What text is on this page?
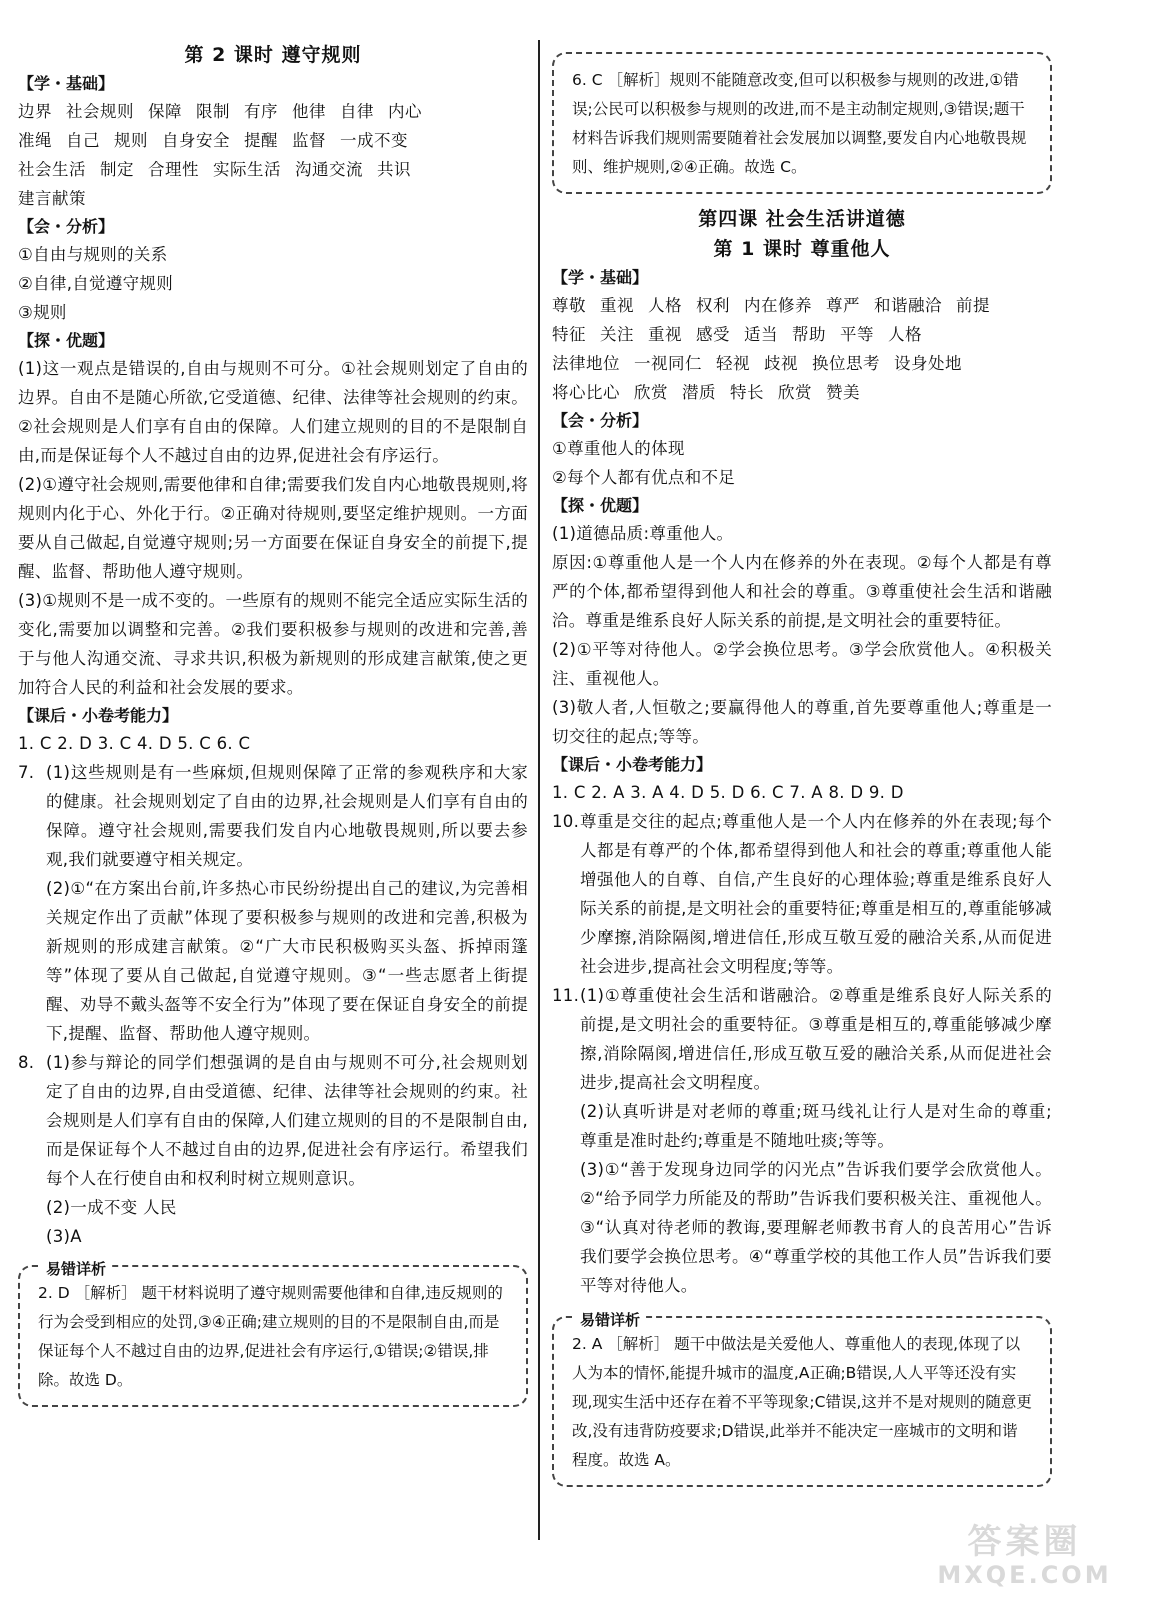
第 2 课时 遵守规则
【学・基础】
边界 社会规则 保障 限制 有序 他律 自律 内心
准绳 自己 规则 自身安全 提醒 监督 一成不变
社会生活 制定 合理性 实际生活 沟通交流 共识
建言献策
【会・分析】
①自由与规则的关系
②自律,自觉遵守规则
③规则
【探・优题】
(1)这一观点是错误的,自由与规则不可分。①社会规则划定了自由的边界。自由不是随心所欲,它受道德、纪律、法律等社会规则的约束。②社会规则是人们享有自由的保障。人们建立规则的目的不是限制自由,而是保证每个人不越过自由的边界,促进社会有序运行。
(2)①遵守社会规则,需要他律和自律;需要我们发自内心地敬畏规则,将规则内化于心、外化于行。②正确对待规则,要坚定维护规则。一方面要从自己做起,自觉遵守规则;另一方面要在保证自身安全的前提下,提醒、监督、帮助他人遵守规则。
(3)①规则不是一成不变的。一些原有的规则不能完全适应实际生活的变化,需要加以调整和完善。②我们要积极参与规则的改进和完善,善于与他人沟通交流、寻求共识,积极为新规则的形成建言献策,使之更加符合人民的利益和社会发展的要求。
【课后・小卷考能力】
1. C 2. D 3. C 4. D 5. C 6. C
7. (1)这些规则是有一些麻烦,但规则保障了正常的参观秩序和大家的健康。社会规则划定了自由的边界,社会规则是人们享有自由的保障。遵守社会规则,需要我们发自内心地敬畏规则,所以要去参观,我们就要遵守相关规定。
(2)①“在方案出台前,许多热心市民纷纷提出自己的建议,为完善相关规定作出了贡献”体现了要积极参与规则的改进和完善,积极为新规则的形成建言献策。②“广大市民积极购买头盔、拆掉雨篷等”体现了要从自己做起,自觉遵守规则。③“一些志愿者上街提醒、劝导不戴头盔等不安全行为”体现了要在保证自身安全的前提下,提醒、监督、帮助他人遵守规则。
8. (1)参与辩论的同学们想强调的是自由与规则不可分,社会规则划定了自由的边界,自由受道德、纪律、法律等社会规则的约束。社会规则是人们享有自由的保障,人们建立规则的目的不是限制自由,而是保证每个人不越过自由的边界,促进社会有序运行。希望我们每个人在行使自由和权利时树立规则意识。
(2)一成不变 人民
(3)A
易错详析
2. D ［解析］ 题干材料说明了遵守规则需要他律和自律,违反规则的行为会受到相应的处罚,③④正确;建立规则的目的不是限制自由,而是保证每个人不越过自由的边界,促进社会有序运行,①错误;②错误,排除。故选 D。
6. C ［解析］规则不能随意改变,但可以积极参与规则的改进,①错误;公民可以积极参与规则的改进,而不是主动制定规则,③错误;题干材料告诉我们规则需要随着社会发展加以调整,要发自内心地敬畏规则、维护规则,②④正确。故选 C。
第四课 社会生活讲道德
第 1 课时 尊重他人
【学・基础】
尊敬 重视 人格 权利 内在修养 尊严 和谐融洽 前提
特征 关注 重视 感受 适当 帮助 平等 人格
法律地位 一视同仁 轻视 歧视 换位思考 设身处地
将心比心 欣赏 潜质 特长 欣赏 赞美
【会・分析】
①尊重他人的体现
②每个人都有优点和不足
【探・优题】
(1)道德品质:尊重他人。
原因:①尊重他人是一个人内在修养的外在表现。②每个人都是有尊严的个体,都希望得到他人和社会的尊重。③尊重使社会生活和谐融洽。尊重是维系良好人际关系的前提,是文明社会的重要特征。
(2)①平等对待他人。②学会换位思考。③学会欣赏他人。④积极关注、重视他人。
(3)敬人者,人恒敬之;要赢得他人的尊重,首先要尊重他人;尊重是一切交往的起点;等等。
【课后・小卷考能力】
1. C 2. A 3. A 4. D 5. D 6. C 7. A 8. D 9. D
10. 尊重是交往的起点;尊重他人是一个人内在修养的外在表现;每个人都是有尊严的个体,都希望得到他人和社会的尊重;尊重他人能增强他人的自尊、自信,产生良好的心理体验;尊重是维系良好人际关系的前提,是文明社会的重要特征;尊重是相互的,尊重能够减少摩擦,消除隔阂,增进信任,形成互敬互爱的融洽关系,从而促进社会进步,提高社会文明程度;等等。
11. (1)①尊重使社会生活和谐融洽。②尊重是维系良好人际关系的前提,是文明社会的重要特征。③尊重是相互的,尊重能够减少摩擦,消除隔阂,增进信任,形成互敬互爱的融洽关系,从而促进社会进步,提高社会文明程度。
(2)认真听讲是对老师的尊重;斑马线礼让行人是对生命的尊重;尊重是准时赴约;尊重是不随地吐痰;等等。
(3)①“善于发现身边同学的闪光点”告诉我们要学会欣赏他人。②“给予同学力所能及的帮助”告诉我们要积极关注、重视他人。③“认真对待老师的教诲,要理解老师教书育人的良苦用心”告诉我们要学会换位思考。④“尊重学校的其他工作人员”告诉我们要平等对待他人。
易错详析
2. A ［解析］ 题干中做法是关爱他人、尊重他人的表现,体现了以人为本的情怀,能提升城市的温度,A正确;B错误,人人平等还没有实现,现实生活中还存在着不平等现象;C错误,这并不是对规则的随意更改,没有违背防疫要求;D错误,此举并不能决定一座城市的文明和谐程度。故选 A。
答案圈
MXQE.COM
